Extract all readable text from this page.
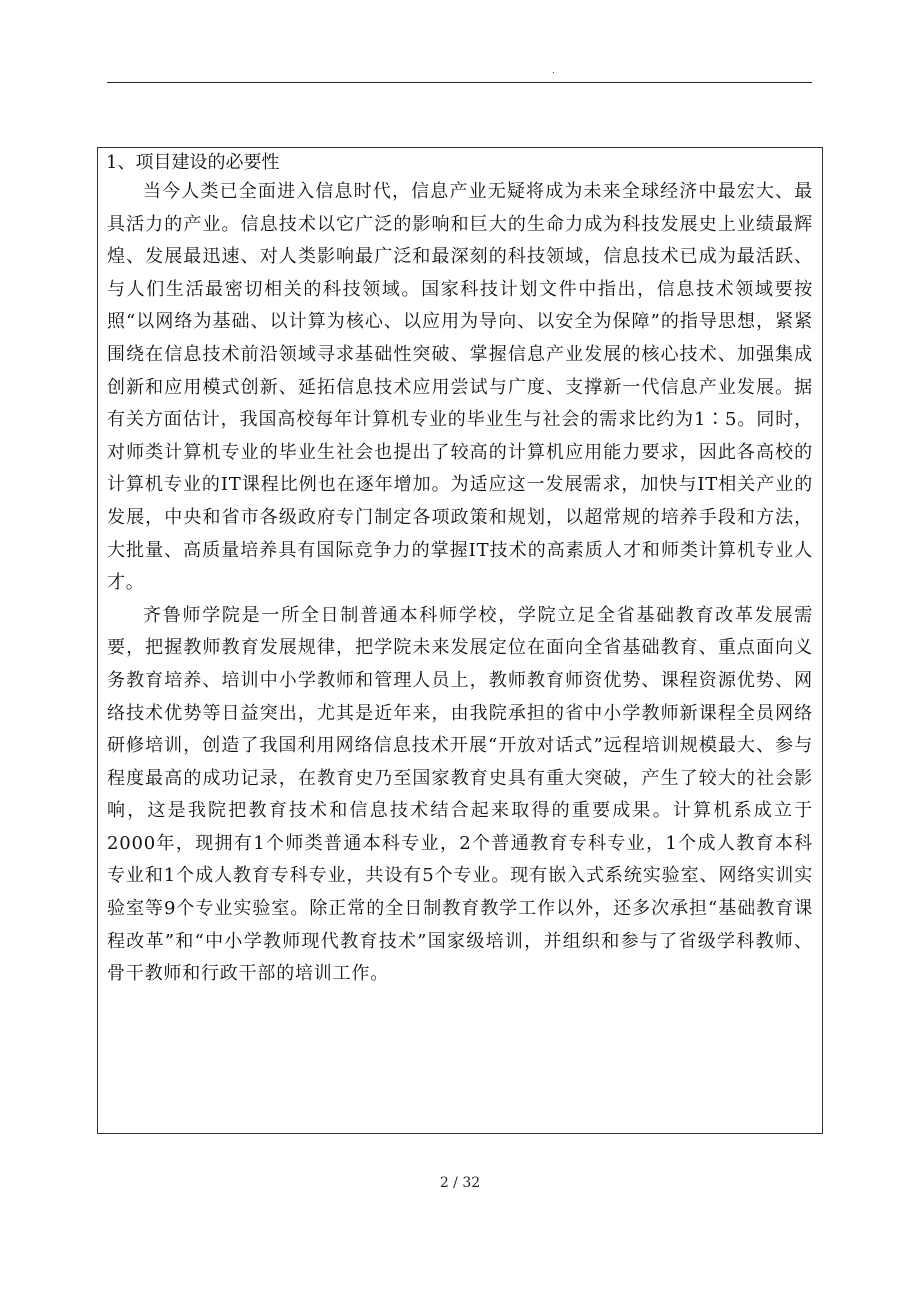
.
1、项目建设的必要性

当今人类已全面进入信息时代，信息产业无疑将成为未来全球经济中最宏大、最具活力的产业。信息技术以它广泛的影响和巨大的生命力成为科技发展史上业绩最辉煌、发展最迅速、对人类影响最广泛和最深刻的科技领域，信息技术已成为最活跃、与人们生活最密切相关的科技领域。国家科技计划文件中指出，信息技术领域要按照“以网络为基础、以计算为核心、以应用为导向、以安全为保障”的指导思想，紧紧围绕在信息技术前沿领域寻求基础性突破、掌握信息产业发展的核心技术、加强集成创新和应用模式创新、延拓信息技术应用尝试与广度、支撑新一代信息产业发展。据有关方面估计，我国高校每年计算机专业的毕业生与社会的需求比约为1∶5。同时，对师类计算机专业的毕业生社会也提出了较高的计算机应用能力要求，因此各高校的计算机专业的IT课程比例也在逐年增加。为适应这一发展需求，加快与IT相关产业的发展，中央和省市各级政府专门制定各项政策和规划，以超常规的培养手段和方法，大批量、高质量培养具有国际竞争力的掌握IT技术的高素质人才和师类计算机专业人才。

齐鲁师学院是一所全日制普通本科师学校，学院立足全省基础教育改革发展需要，把握教师教育发展规律，把学院未来发展定位在面向全省基础教育、重点面向义务教育培养、培训中小学教师和管理人员上，教师教育师资优势、课程资源优势、网络技术优势等日益突出，尤其是近年来，由我院承担的省中小学教师新课程全员网络研修培训，创造了我国利用网络信息技术开展“开放对话式”远程培训规模最大、参与程度最高的成功记录，在教育史乃至国家教育史具有重大突破，产生了较大的社会影响，这是我院把教育技术和信息技术结合起来取得的重要成果。计算机系成立于2000年，现拥有1个师类普通本科专业，2个普通教育专科专业，1个成人教育本科专业和1个成人教育专科专业，共设有5个专业。现有嵌入式系统实验室、网络实训实验室等9个专业实验室。除正常的全日制教育教学工作以外，还多次承担“基础教育课程改革”和“中小学教师现代教育技术”国家级培训，并组织和参与了省级学科教师、骨干教师和行政干部的培训工作。

2 / 32
